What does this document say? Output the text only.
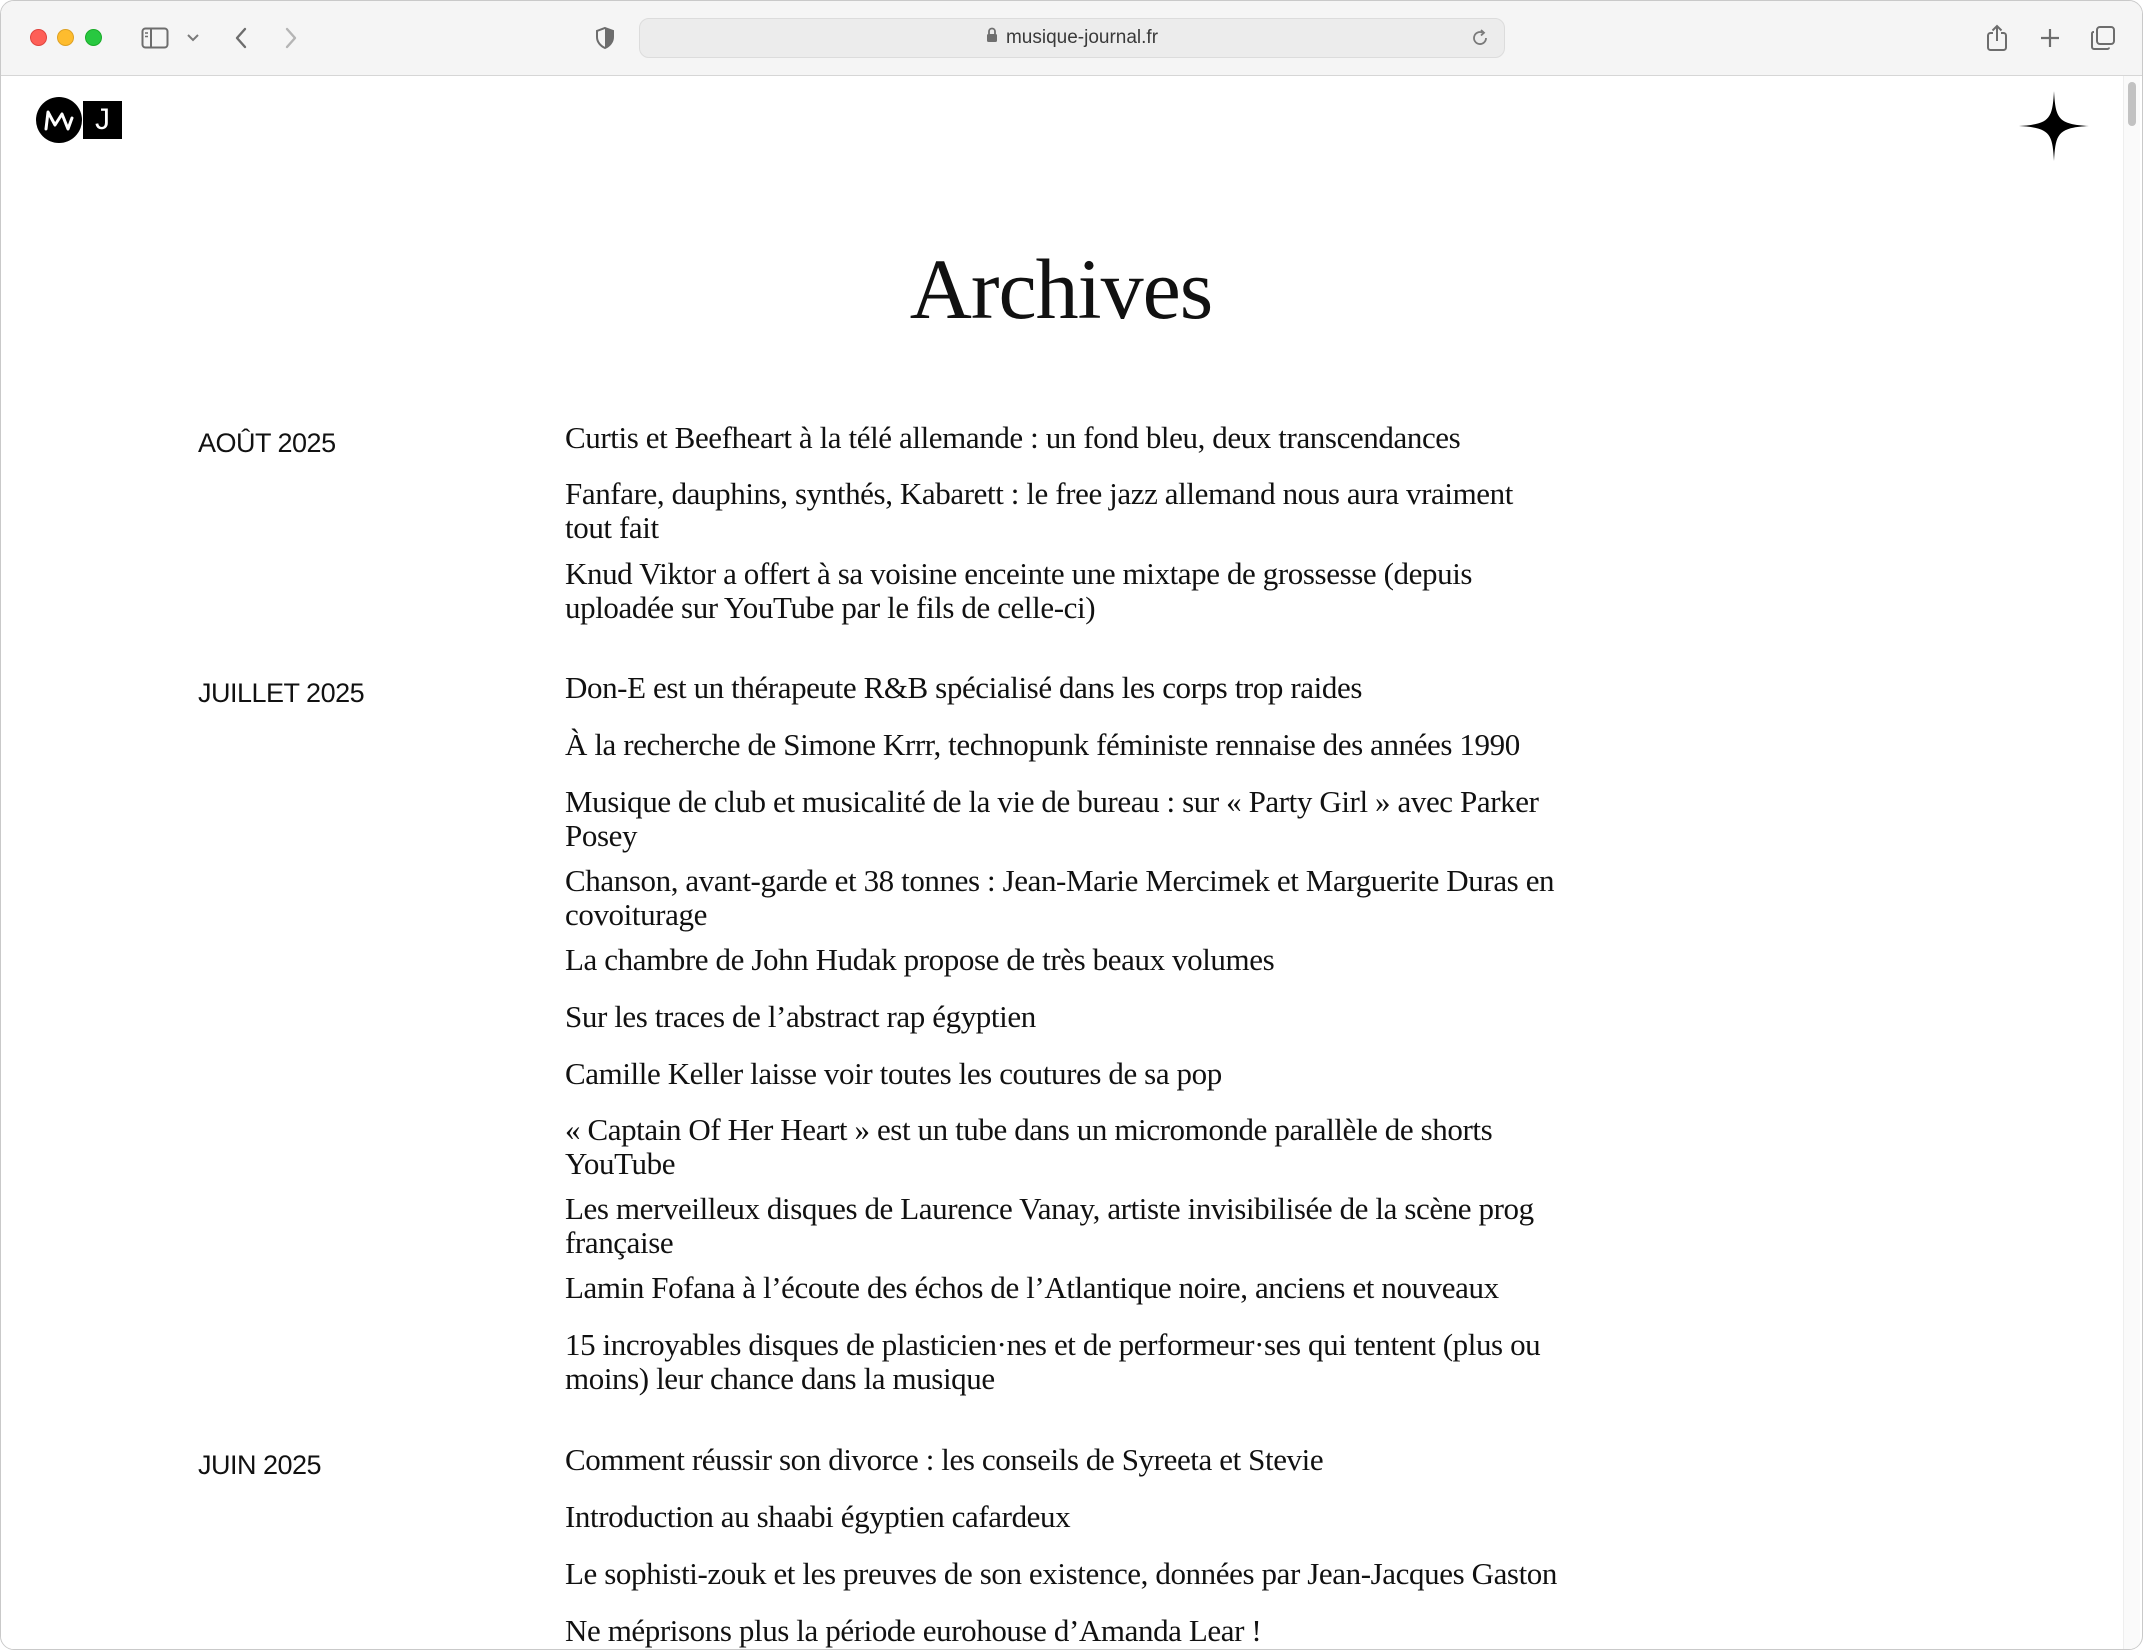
musique-journal.fr
J
Archives
AOÛT 2025	Curtis et Beefheart à la télé allemande : un fond bleu, deux transcendances
Fanfare, dauphins, synthés, Kabarett : le free jazz allemand nous aura vraiment tout fait
Knud Viktor a offert à sa voisine enceinte une mixtape de grossesse (depuis uploadée sur YouTube par le fils de celle-ci)
JUILLET 2025	Don-E est un thérapeute R&B spécialisé dans les corps trop raides
À la recherche de Simone Krrr, technopunk féministe rennaise des années 1990
Musique de club et musicalité de la vie de bureau : sur « Party Girl » avec Parker Posey
Chanson, avant-garde et 38 tonnes : Jean-Marie Mercimek et Marguerite Duras en covoiturage
La chambre de John Hudak propose de très beaux volumes
Sur les traces de l’abstract rap égyptien
Camille Keller laisse voir toutes les coutures de sa pop
« Captain Of Her Heart » est un tube dans un micromonde parallèle de shorts YouTube
Les merveilleux disques de Laurence Vanay, artiste invisibilisée de la scène prog française
Lamin Fofana à l’écoute des échos de l’Atlantique noire, anciens et nouveaux
15 incroyables disques de plasticien·nes et de performeur·ses qui tentent (plus ou moins) leur chance dans la musique
JUIN 2025	Comment réussir son divorce : les conseils de Syreeta et Stevie
Introduction au shaabi égyptien cafardeux
Le sophisti-zouk et les preuves de son existence, données par Jean-Jacques Gaston
Ne méprisons plus la période eurohouse d’Amanda Lear !
